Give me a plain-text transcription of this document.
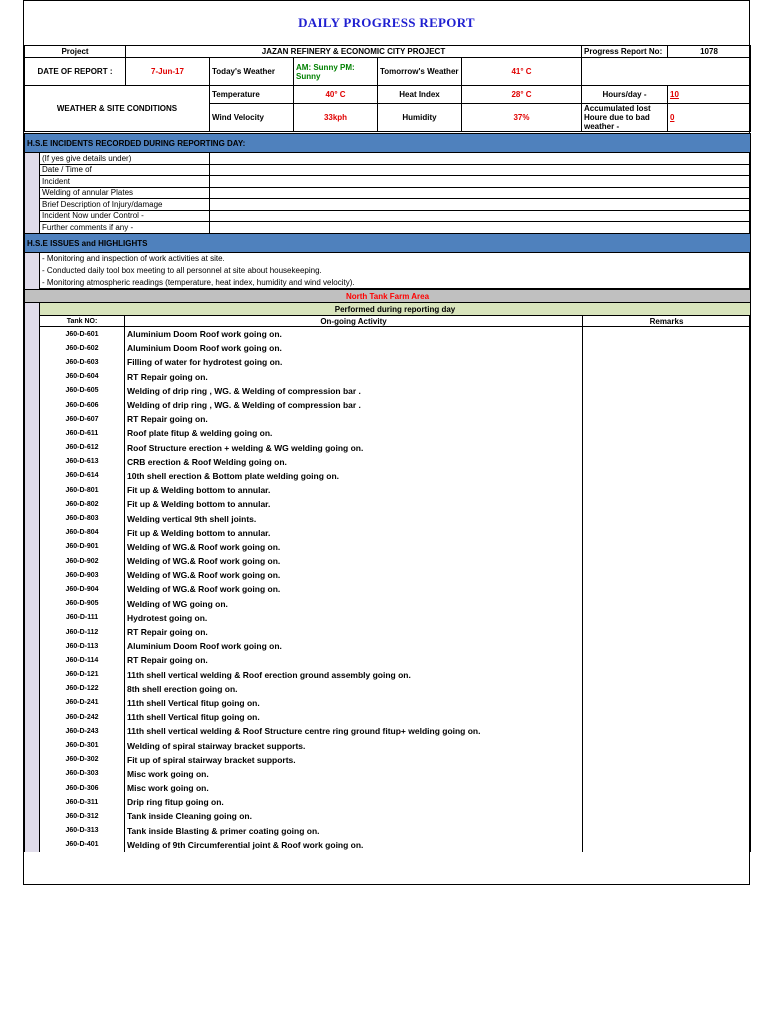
DAILY PROGRESS REPORT
Project	JAZAN REFINERY & ECONOMIC CITY PROJECT					Progress Report No:	1078
DATE OF REPORT :	7-Jun-17	Today's Weather	AM: Sunny PM: Sunny	Tomorrow's Weather	41° C		
WEATHER & SITE CONDITIONS		Temperature	40° C	Heat Index	28° C	Hours/day -	10
		Wind Velocity	33kph	Humidity	37%	Accumulated lost Houre due to bad weather -	0
H.S.E INCIDENTS RECORDED DURING REPORTING DAY:		
	(If yes give details under)	
	Date / Time of	
	Incident	
	Welding of annular Plates	
	Brief Description of Injury/damage	
	Incident Now under Control -	
	Further comments if any -	
H.S.E ISSUES and HIGHLIGHTS
	- Monitoring and inspection of work activities at site.
- Conducted daily tool box meeting to all personnel at site about housekeeping.
- Monitoring atmospheric readings (temperature, heat index, humidity and wind velocity).
North Tank Farm Area			
	Performed during reporting day		
	Tank NO:	On-going Activity	Remarks
	J60-D-601	Aluminium Doom Roof work going on.	
	J60-D-602	Aluminium Doom Roof work going on.	
	J60-D-603	Filling of water for hydrotest going on.	
	J60-D-604	RT Repair going on.	
	J60-D-605	Welding of drip ring , WG. & Welding of compression bar .	
	J60-D-606	Welding of drip ring , WG. & Welding of compression bar .	
	J60-D-607	RT Repair going on.	
	J60-D-611	Roof plate fitup & welding going on.	
	J60-D-612	Roof Structure erection + welding & WG welding going on.	
	J60-D-613	CRB erection & Roof Welding going on.	
	J60-D-614	10th shell erection & Bottom plate welding going on.	
	J60-D-801	Fit up & Welding bottom to annular.	
	J60-D-802	Fit up & Welding bottom to annular.	
	J60-D-803	Welding vertical 9th shell joints.	
	J60-D-804	Fit up & Welding bottom to annular.	
	J60-D-901	Welding of WG.& Roof work going on.	
	J60-D-902	Welding of WG.& Roof work going on.	
	J60-D-903	Welding of WG.& Roof work going on.	
	J60-D-904	Welding of WG.& Roof work going on.	
	J60-D-905	Welding of WG going on.	
	J60-D-111	Hydrotest going on.	
	J60-D-112	RT Repair going on.	
	J60-D-113	Aluminium Doom Roof work going on.	
	J60-D-114	RT Repair going on.	
	J60-D-121	11th shell vertical welding & Roof erection ground assembly going on.	
	J60-D-122	8th shell erection going on.	
	J60-D-241	11th shell Vertical fitup going on.	
	J60-D-242	11th shell Vertical fitup going on.	
	J60-D-243	11th shell vertical welding & Roof Structure centre ring ground fitup+ welding going on.	
	J60-D-301	Welding of spiral stairway bracket supports.	
	J60-D-302	Fit up of spiral stairway bracket supports.	
	J60-D-303	Misc work going on.	
	J60-D-306	Misc work going on.	
	J60-D-311	Drip ring fitup going on.	
	J60-D-312	Tank inside Cleaning going on.	
	J60-D-313	Tank inside Blasting & primer coating going on.	
	J60-D-401	Welding of 9th Circumferential joint & Roof work going on.	
